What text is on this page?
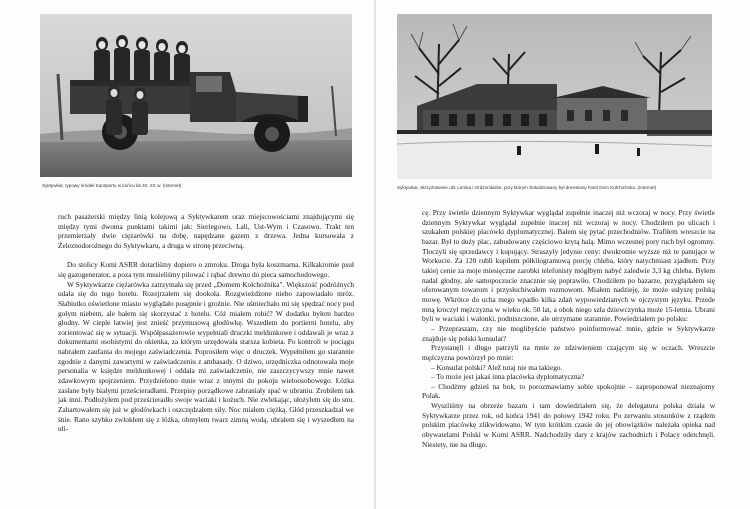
Syktywkar, typowy środek transportu w końcu lat 40. XX w. (Internet)

ruch pasażerski między linią kolejową a Syktywkarem oraz miejscowościami znajdującymi się między tymi dwoma punktami takimi jak: Sieriegowo, Lali, Ust-Wym i Czasowo. Trakt ten przemierzały dwie ciężarówki na dobę, napędzane gazem z drzewa. Jedna kursowała z Żeleznodorożnego do Syktywkaru, a druga w stronę przeciwną.

Do stolicy Komi ASRR dotarliśmy dopiero o zmroku. Droga była koszmarna. Kilkakrotnie psuł się gazogenerator, a poza tym musieliśmy piłować i rąbać drewno do pieca samochodowego.

W Syktywkarze ciężarówka zatrzymała się przed „Domem Kołchoźnika". Większość podróżnych udała się do tego hotelu. Rozejrzałem się dookoła. Rozgwieżdżone niebo zapowiadało mróz. Słabiutko oświetlone miasto wyglądało posępnie i groźnie. Nie uśmiechało mi się spędzać nocy pod gołym niebem, ale bałem się skorzystać z hotelu. Cóż miałem robić? W dodatku byłem bardzo głodny. W cieple łatwiej jest znieść przymusową głodówkę. Wszedłem do portierni hotelu, aby zorientować się w sytuacji. Współpasażerowie wypełniali druczki meldunkowe i oddawali je wraz z dokumentami osobistymi do okienka, za którym urzędowała starsza kobieta. Po kontroli w pociągu nabrałem zaufania do mojego zaświadczenia. Poprosiłem więc o druczek. Wypełniłem go starannie zgodnie z danymi zawartymi w zaświadczeniu z ambasady. O dziwo, urzędniczka odnotowała moje personalia w księdze meldunkowej i oddała mi zaświadczenie, nie zaszczycywszy mnie nawet zdawkowym spojrzeniem. Przydzielono mnie wraz z innymi do pokoju wieloosobowego. Łóżka zasłane były białymi prześcieradłami. Przepisy porządkowe zabraniały spać w ubraniu. Zrobiłem tak jak inni. Podłożyłem pod prześcieradło swoje waciaki i kożuch. Nie zwlekając, ułożyłem się do snu. Zahartowałem się już w głodówkach i oszczędzałem siły. Noc miałem ciężką. Głód przeszkadzał we śnie. Rano szybko zwlokłem się z łóżka, obmyłem twarz zimną wodą, ubrałem się i wyszedłem na uli-

Syktywkar, skrzyżowanie ulic Lenina i Ordżonikidze, przy którym zlokalizowany był drewniany hotel Dom Kołchoźnika. (Internet)

cę. Przy świetle dziennym Syktywkar wyglądał zupełnie inaczej niż wczoraj w nocy. Przy świetle dziennym Syktywkar wyglądał zupełnie inaczej niż wczoraj w nocy. Chodziłem po ulicach i szukałem polskiej placówki dyplomatycznej. Bałem się pytać przechodniów. Trafiłem wreszcie na bazar. Był to duży plac, zabudowany częściowo krytą halą. Mimo wczesnej pory ruch był ogromny. Tłoczyli się sprzedawcy i kupujący. Straszyły jedynie ceny: dwukrotnie wyższe niż te panujące w Workucie. Za 120 rubli kupiłem półkilogramową porcję chleba, który natychmiast zjadłem. Przy takiej cenie za moje miesięczne zarobki telefonisty mógłbym nabyć zaledwie 3,3 kg chleba. Byłem nadal głodny, ale samopoczucie znacznie się poprawiło. Chodziłem po bazarze, przyglądałem się oferowanym towarom i przysłuchiwałem rozmowom. Miałem nadzieję, że może usłyszę polską mowę. Wkrótce do ucha mego wpadło kilka zdań wypowiedzianych w ojczystym języku. Przede mną kroczył mężczyzna w wieku ok. 50 lat, a obok niego szła dziewczynka może 15-letnia. Ubrani byli w waciaki i walonki, podniszczone, ale utrzymane starannie. Powiedziałem po polsku:

– Przepraszam, czy nie moglibyście państwo poinformować mnie, gdzie w Syktywkarze znajduje się polski konsulat?

Przystanęli i długo patrzyli na mnie ze zdziwieniem czającym się w oczach. Wreszcie mężczyzna powtórzył po mnie:

– Konsulat polski? Alež tutaj nie ma takiego.

– To może jest jakaś inna placówka dyplomatyczna?

– Chodźmy gdzieś na bok, to porozmawiamy sobie spokojnie – zaproponował nieznajomy Polak.

Wyszliśmy na obrzeże bazaru i tam dowiedziałem się, że delegatura polska działa w Syktywkarze przez rok, od końca 1941 do połowy 1942 roku. Po zerwaniu stosunków z rządem polskim placówkę zlikwidowano. W tym krótkim czasie do jej obowiązków należała opieka nad obywatelami Polski w Komi ASRR. Nadchodziły dary z krajów zachodnich i Polacy odetchnęli. Niestety, nie na długo.
